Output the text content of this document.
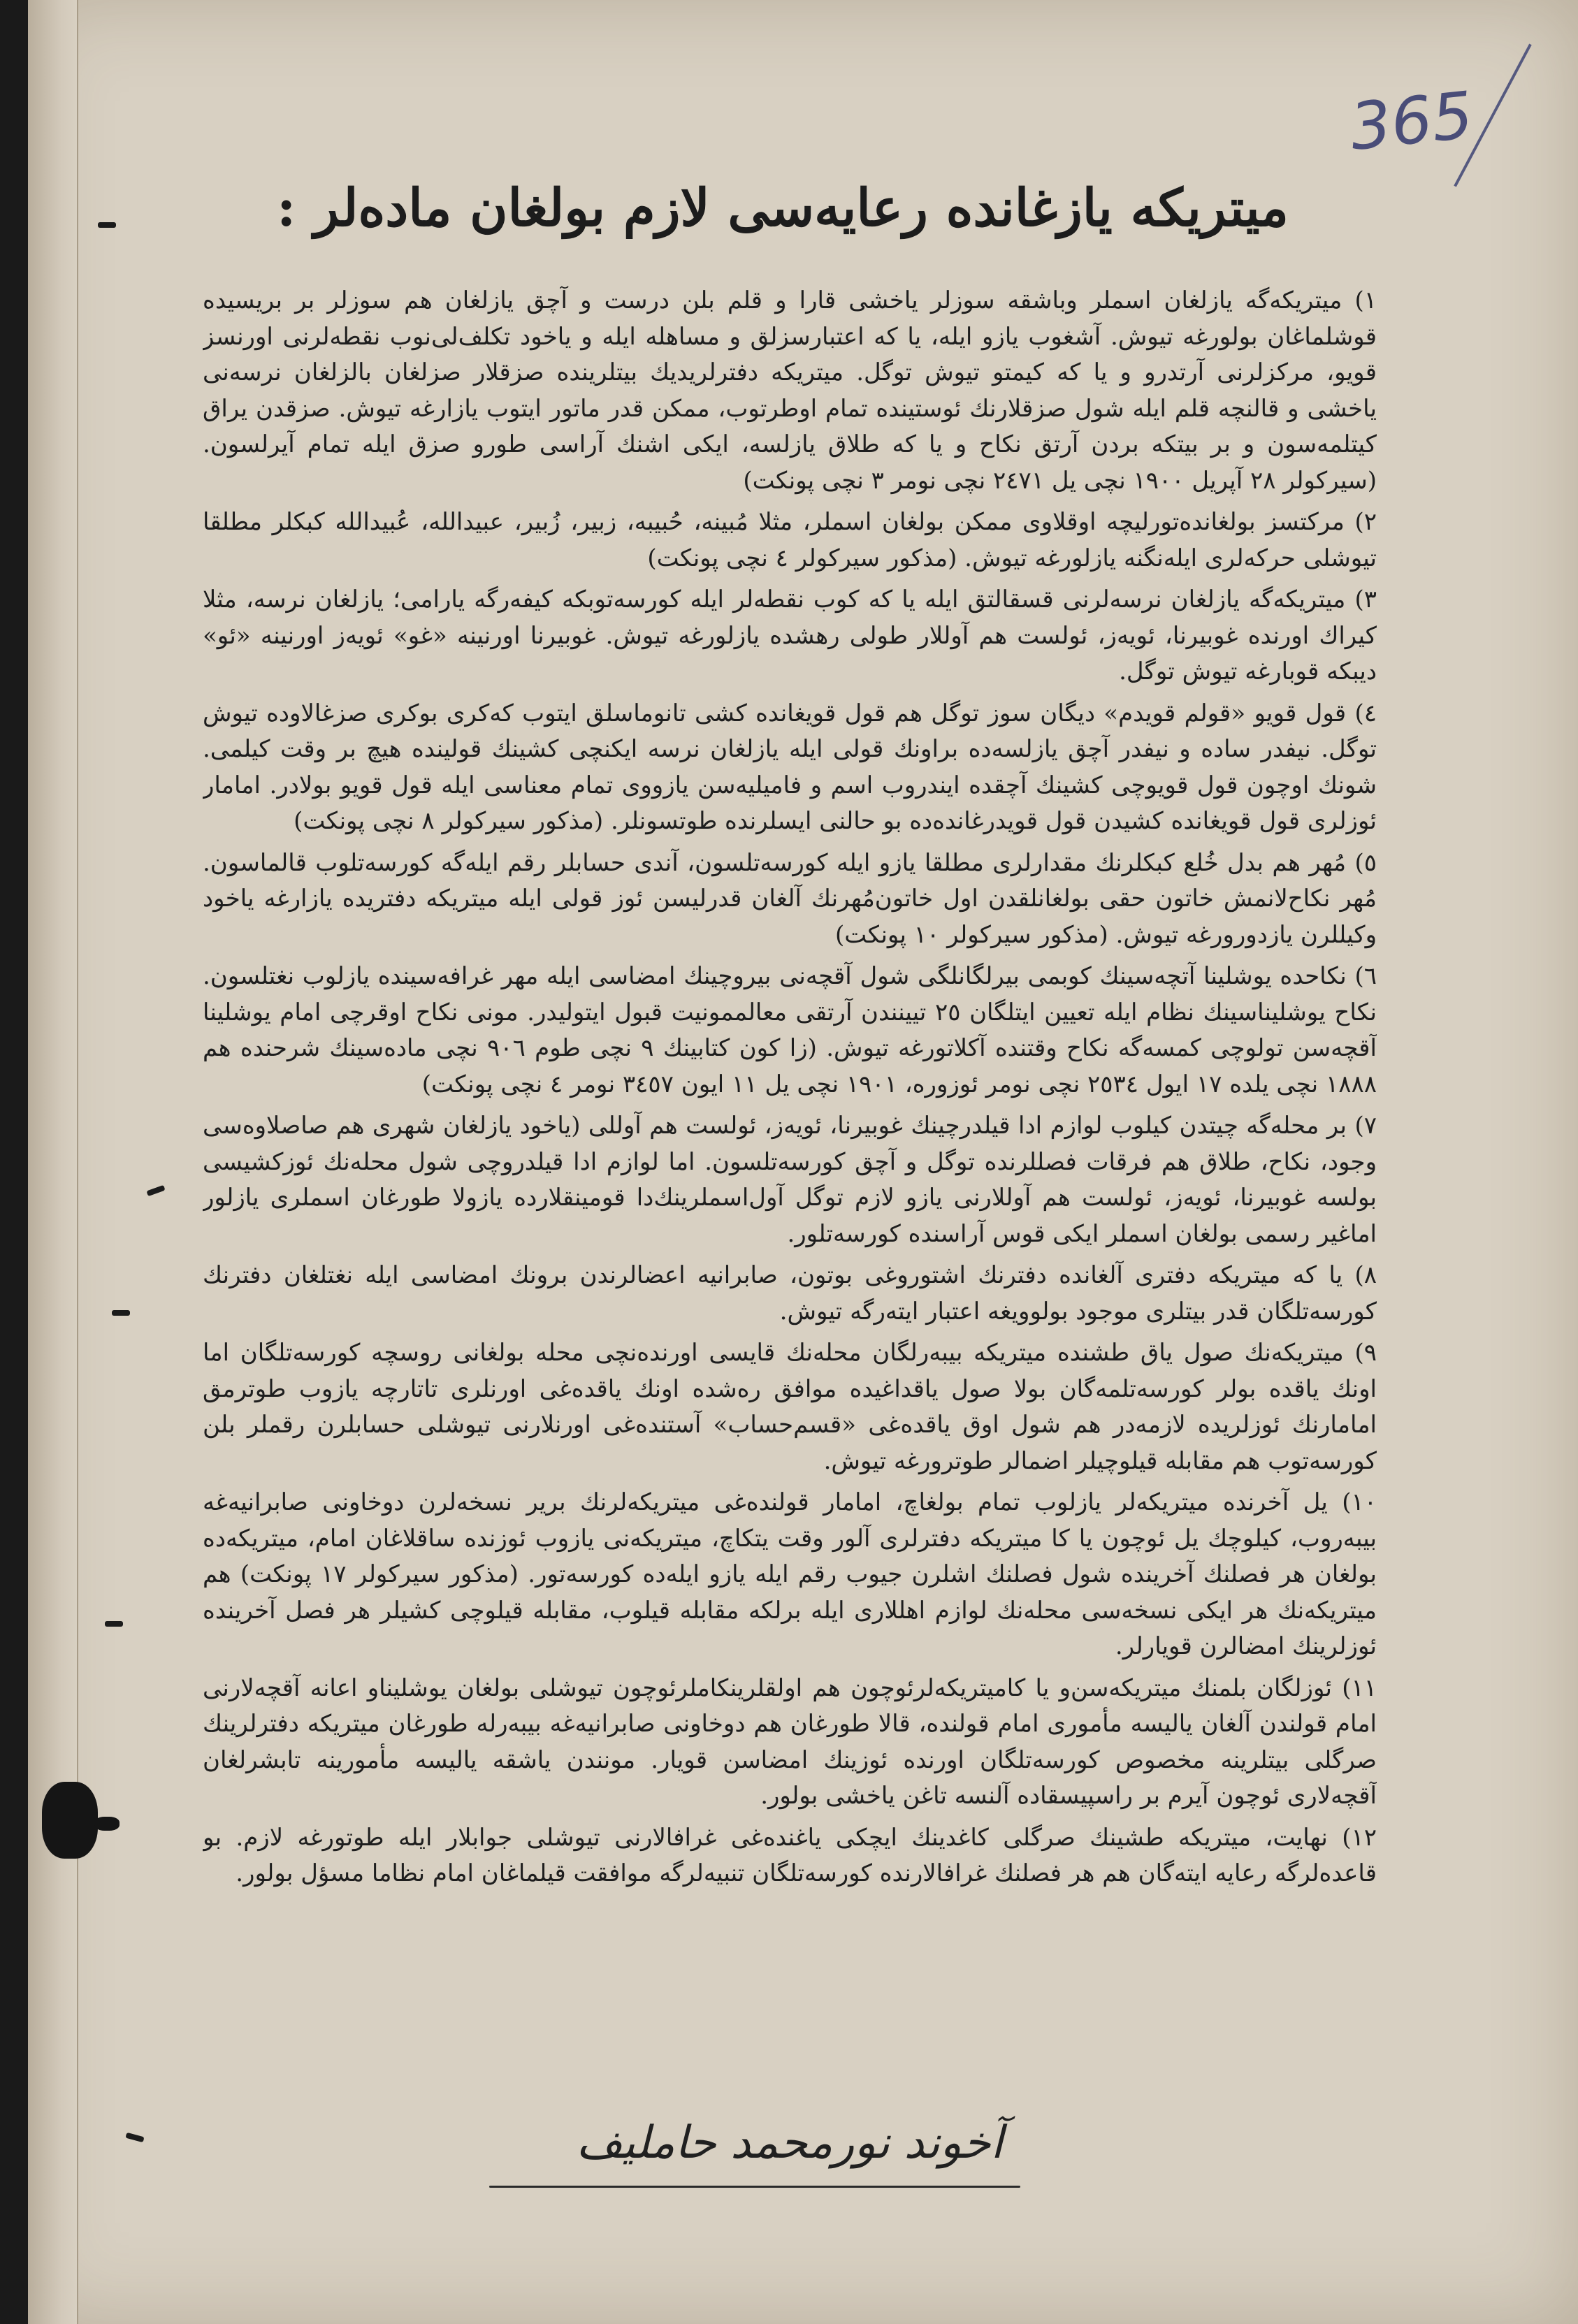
365
میتریکه یازغانده رعایه‌سی لازم بولغان ماده‌لر :

۱) میتریکه‌گه یازلغان اسملر وباشقه سوزلر یاخشی قارا و قلم بلن درست و آچق یازلغان هم سوزلر بر بریسیده قوشلماغان بولورغه تیوش. آشغوب یازو ایله، یا که اعتبارسزلق و مساهله ایله و یاخود تکلف‌لی‌نوب نقطه‌لرنی اورنسز قویو، مرکزلرنی آرتدرو و یا که کیمتو تیوش توگل. میتریکه دفترلریدیك بیتلرینده صزقلار صزلغان بالزلغان نرسه‌نی یاخشی و قالنچه قلم ایله شول صزقلارنك ئوستینده تمام اوطرتوب، ممکن قدر ماتور ایتوب یازارغه تیوش. صزقدن یراق کیتلمه‌سون و بر بیتکه بردن آرتق نکاح و یا که طلاق یازلسه، ایکی اشنك آراسی طورو صزق ایله تمام آیرلسون. (سیرکولر ۲۸ آپریل ۱۹۰۰ نچی یل ۲٤٧١ نچی نومر ۳ نچی پونکت)

۲) مرکتسز بولغانده‌تورلیچه اوقلاوی ممکن بولغان اسملر، مثلا مُبینه، حُبیبه، زبیر، زُبیر، عبیدالله، عُبیدالله کبکلر مطلقا تیوشلی حرکه‌لری ایله‌نگنه یازلورغه تیوش. (مذکور سیرکولر ٤ نچی پونکت)

۳) میتریکه‌گه یازلغان نرسه‌لرنی قسقالتق ایله یا که کوب نقطه‌لر ایله کورسه‌توبکه کیفه‌رگه یارامی؛ یازلغان نرسه، مثلا کیراك اورنده غوبیرنا، ئویه‌ز، ئولست هم آوللار طولی رهشده یازلورغه تیوش. غوبیرنا اورنینه «غو» ئویه‌ز اورنینه «ئو» دیبکه قوبارغه تیوش توگل.

٤) قول قویو «قولم قویدم» دیگان سوز توگل هم قول قویغانده کشی تانوماسلق ایتوب که‌کری بوکری صزغالاوده تیوش توگل. نیفدر ساده و نیفدر آچق یازلسه‌ده براونك قولی ایله یازلغان نرسه ایکنچی کشینك قولینده هیچ بر وقت کیلمی. شونك اوچون قول قویوچی کشینك آچقده ایندروب اسم و فامیلیه‌سن یازووی تمام معناسی ایله قول قویو بولادر. امامار ئوزلری قول قویغانده کشیدن قول قویدرغانده‌ده بو حالنی ایسلرنده طوتسونلر. (مذکور سیرکولر ۸ نچی پونکت)

٥) مُهر هم بدل خُلع کبکلرنك مقدارلری مطلقا یازو ایله کورسه‌تلسون، آندی حسابلر رقم ایله‌گه کورسه‌تلوب قالماسون. مُهر نکاح‌لانمش خاتون حقی بولغانلقدن اول خاتون‌مُهرنك آلغان قدرلیسن ئوز قولی ایله میتریکه دفتریده یازارغه یاخود وکیللرن یازدورورغه تیوش. (مذکور سیرکولر ۱۰ پونکت)

٦) نکاحده یوشلینا آتچه‌سینك کوبمی بیرلگانلگی شول آقچه‌نی بیروچینك امضاسی ایله مهر غرافه‌سینده یازلوب نغتلسون. نکاح یوشلیناسینك نظام ایله تعیین ایتلگان ۲٥ تیینندن آرتقی معالممونیت قبول ایتولیدر. مونی نکاح اوقرچی امام یوشلینا آقچه‌سن تولوچی کمسه‌گه نکاح وقتنده آکلاتورغه تیوش. (زا کون کتابینك ٩ نچی طوم ۹۰٦ نچی ماده‌سینك شرحنده هم ۱۸۸۸ نچی یلده ۱۷ ایول ۲٥۳٤ نچی نومر ئوزوره، ۱۹۰۱ نچی یل ۱۱ ایون ۳٤٥٧ نومر ٤ نچی پونکت)

٧) بر محله‌گه چیتدن کیلوب لوازم ادا قیلدرچینك غوبیرنا، ئویه‌ز، ئولست هم آوللی (یاخود یازلغان شهری هم صاصلاوه‌سی وجود، نکاح، طلاق هم فرقات فصللرنده توگل و آچق کورسه‌تلسون. اما لوازم ادا قیلدروچی شول محله‌نك ئوزکشیسی بولسه غوبیرنا، ئویه‌ز، ئولست هم آوللارنی یازو لازم توگل آول‌اسملرینك‌دا قومینقلارده یازولا طورغان اسملری یازلور اماغیر رسمی بولغان اسملر ایکی قوس آراسنده کورسه‌تلور.

۸) یا که میتریکه دفتری آلغانده دفترنك اشتوروغی بوتون، صابرانیه اعضالرندن برونك امضاسی ایله نغتلغان دفترنك کورسه‌تلگان قدر بیتلری موجود بولوویغه اعتبار ایته‌رگه تیوش.

۹) میتریکه‌نك صول یاق طشنده میتریکه بیبه‌رلگان محله‌نك قایسی اورنده‌نچی محله بولغانی روسچه کورسه‌تلگان اما اونك یاقده بولر کورسه‌تلمه‌گان بولا صول یاقداغیده موافق ره‌شده اونك یاقده‌غی اورنلری تاتارچه یازوب طوترمق امامارنك ئوزلریده لازمه‌در هم شول اوق یاقده‌غی «قسم‌حساب» آستنده‌غی اورنلارنی تیوشلی حسابلرن رقملر بلن کورسه‌توب هم مقابله قیلوچیلر اضمالر طوترورغه تیوش.

۱۰) یل آخرنده میتریکه‌لر یازلوب تمام بولغاچ، امامار قولنده‌غی میتریکه‌لرنك بریر نسخه‌لرن دوخاونی صابرانیه‌غه بیبه‌روب، کیلوچك یل ئوچون یا کا میتریکه دفترلری آلور وقت یتکاچ، میتریکه‌نی یازوب ئوزنده ساقلاغان امام، میتریکه‌ده بولغان هر فصلنك آخرینده شول فصلنك اشلرن جیوب رقم ایله یازو ایله‌ده کورسه‌تور. (مذکور سیرکولر ۱۷ پونکت) هم میتریکه‌نك هر ایکی نسخه‌سی محله‌نك لوازم اهللاری ایله برلکه مقابله قیلوب، مقابله قیلوچی کشیلر هر فصل آخرینده ئوزلرینك امضالرن قویارلر.

۱۱) ئوزلگان بلمنك میتریکه‌سن‌و یا کامیتریکه‌لرئوچون هم اولقلرینکاملرئوچون تیوشلی بولغان یوشلیناو اعانه آقچه‌لارنی امام قولندن آلغان یالیسه مأموری امام قولنده، قالا طورغان هم دوخاونی صابرانیه‌غه بیبه‌رله طورغان میتریکه دفترلرینك صرگلی بیتلرینه مخصوص کورسه‌تلگان اورنده ئوزینك امضاسن قویار. مونندن یاشقه یالیسه مأمورینه تابشرلغان آقچه‌لاری ئوچون آیرم بر راسپیسقاده آلنسه تاغن یاخشی بولور.

۱۲) نهایت، میتریکه طشینك صرگلی کاغدینك ایچکی یاغنده‌غی غرافالارنی تیوشلی جوابلار ایله طوتورغه لازم. بو قاعده‌لرگه رعایه ایته‌گان هم هر فصلنك غرافالارنده کورسه‌تلگان تنبیه‌لرگه موافقت قیلماغان امام نظاما مسؤل بولور.

آخوند نورمحمد حاملیف
